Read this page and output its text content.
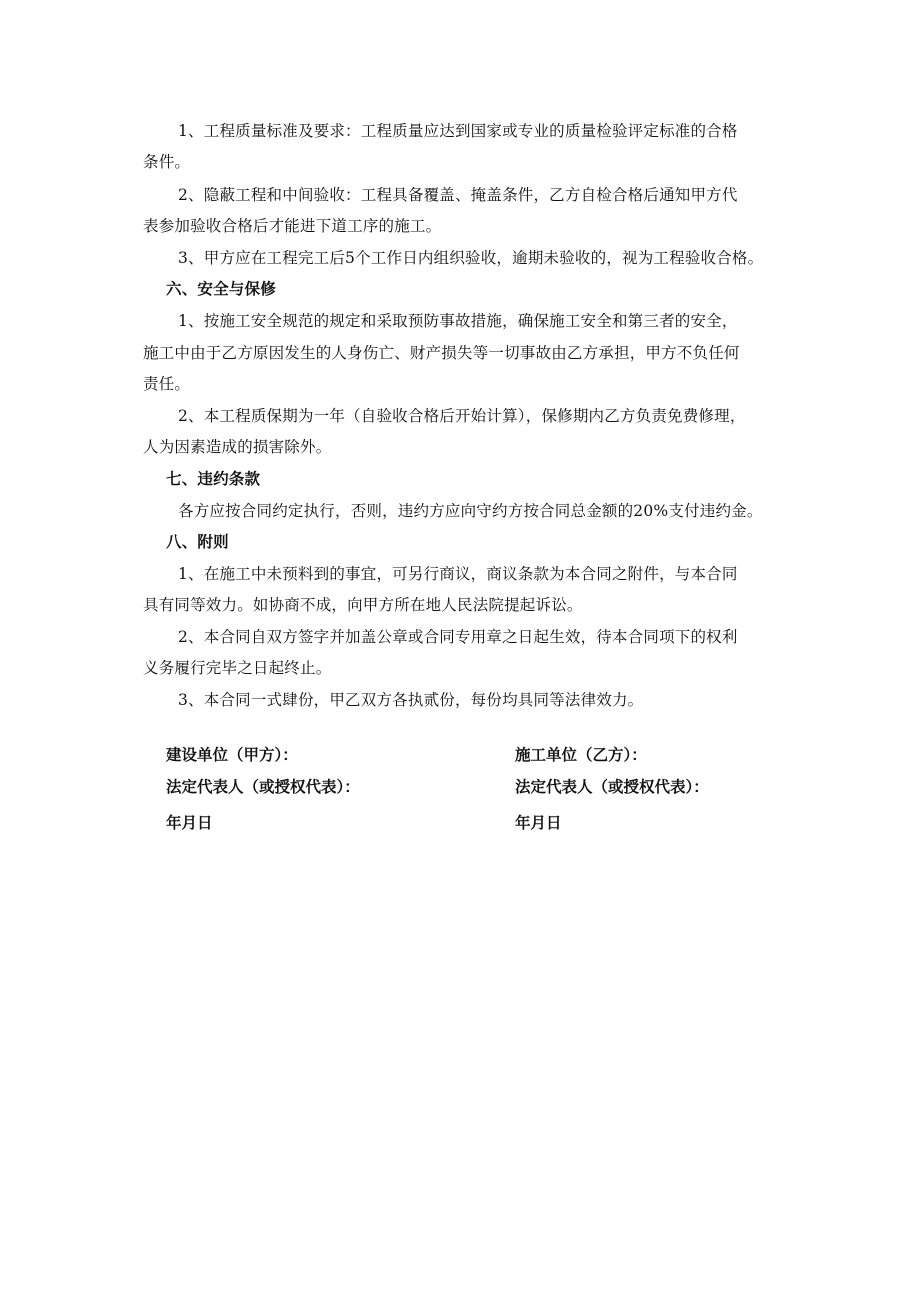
1、工程质量标准及要求：工程质量应达到国家或专业的质量检验评定标准的合格
条件。
2、隐蔽工程和中间验收：工程具备覆盖、掩盖条件，乙方自检合格后通知甲方代
表参加验收合格后才能进下道工序的施工。
3、甲方应在工程完工后5个工作日内组织验收，逾期未验收的，视为工程验收合格。
六、安全与保修
1、按施工安全规范的规定和采取预防事故措施，确保施工安全和第三者的安全，
施工中由于乙方原因发生的人身伤亡、财产损失等一切事故由乙方承担，甲方不负任何
责任。
2、本工程质保期为一年（自验收合格后开始计算），保修期内乙方负责免费修理，
人为因素造成的损害除外。
七、违约条款
各方应按合同约定执行，否则，违约方应向守约方按合同总金额的20%支付违约金。
八、附则
1、在施工中未预料到的事宜，可另行商议，商议条款为本合同之附件，与本合同
具有同等效力。如协商不成，向甲方所在地人民法院提起诉讼。
2、本合同自双方签字并加盖公章或合同专用章之日起生效，待本合同项下的权利
义务履行完毕之日起终止。
3、本合同一式肆份，甲乙双方各执贰份，每份均具同等法律效力。
建设单位（甲方）：	施工单位（乙方）：
法定代表人（或授权代表）：	法定代表人（或授权代表）：
年月日	年月日
